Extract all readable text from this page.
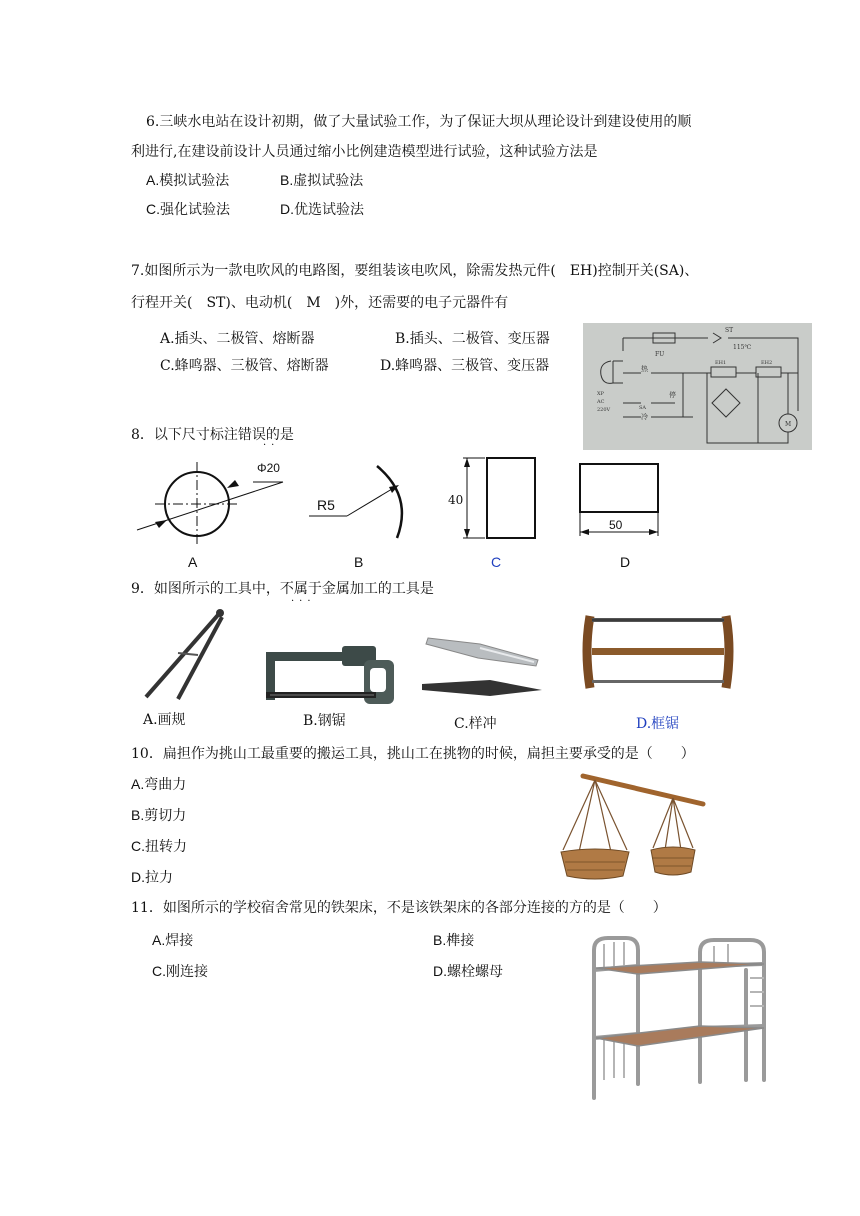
6.三峡水电站在设计初期，做了大量试验工作，为了保证大坝从理论设计到建设使用的顺
利进行,在建设前设计人员通过缩小比例建造模型进行试验，这种试验方法是
A.模拟试验法	B.虚拟试验法
C.强化试验法	D.优选试验法
7.如图所示为一款电吹风的电路图，要组装该电吹风，除需发热元件(　EH)控制开关(SA)、
行程开关(　ST)、电动机(　M　)外，还需要的电子元器件有
A.插头、二极管、熔断器	B.插头、二极管、变压器
C.蜂鸣器、三极管、熔断器	D.蜂鸣器、三极管、变压器
FU
ST
115℃
EH1	EH2
热
停
冷
XP
AC
220V	SA
M
8．以下尺寸标注错误的是
··
Φ20
A
R5
B
40
C
50
D
9．如图所示的工具中，不属于金属加工的工具是
···
A.画规	B.钢锯	C.样冲	D.框锯
10．扁担作为挑山工最重要的搬运工具，挑山工在挑物的时候，扁担主要承受的是（　　）
A.弯曲力
B.剪切力
C.扭转力
D.拉力
11．如图所示的学校宿舍常见的铁架床，不是该铁架床的各部分连接的方的是（　　）
A.焊接	B.榫接
C.刚连接	D.螺栓螺母
